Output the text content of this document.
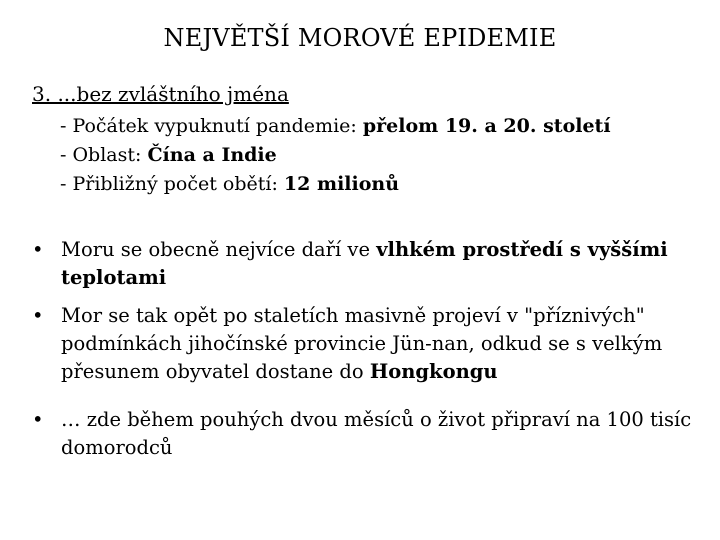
NEJVĚTŠÍ MOROVÉ EPIDEMIE
3. ...bez zvláštního jména
- Počátek vypuknutí pandemie: přelom 19. a 20. století
- Oblast: Čína a Indie
- Přibližný počet obětí: 12 milionů
• Moru se obecně nejvíce daří ve vlhkém prostředí s vyššími teplotami
• Mor se tak opět po staletích masivně projeví v "příznivých" podmínkách jihočínské provincie Jün-nan, odkud se s velkým přesunem obyvatel dostane do Hongkongu
• … zde během pouhých dvou měsíců o život připraví na 100 tisíc domorodců
